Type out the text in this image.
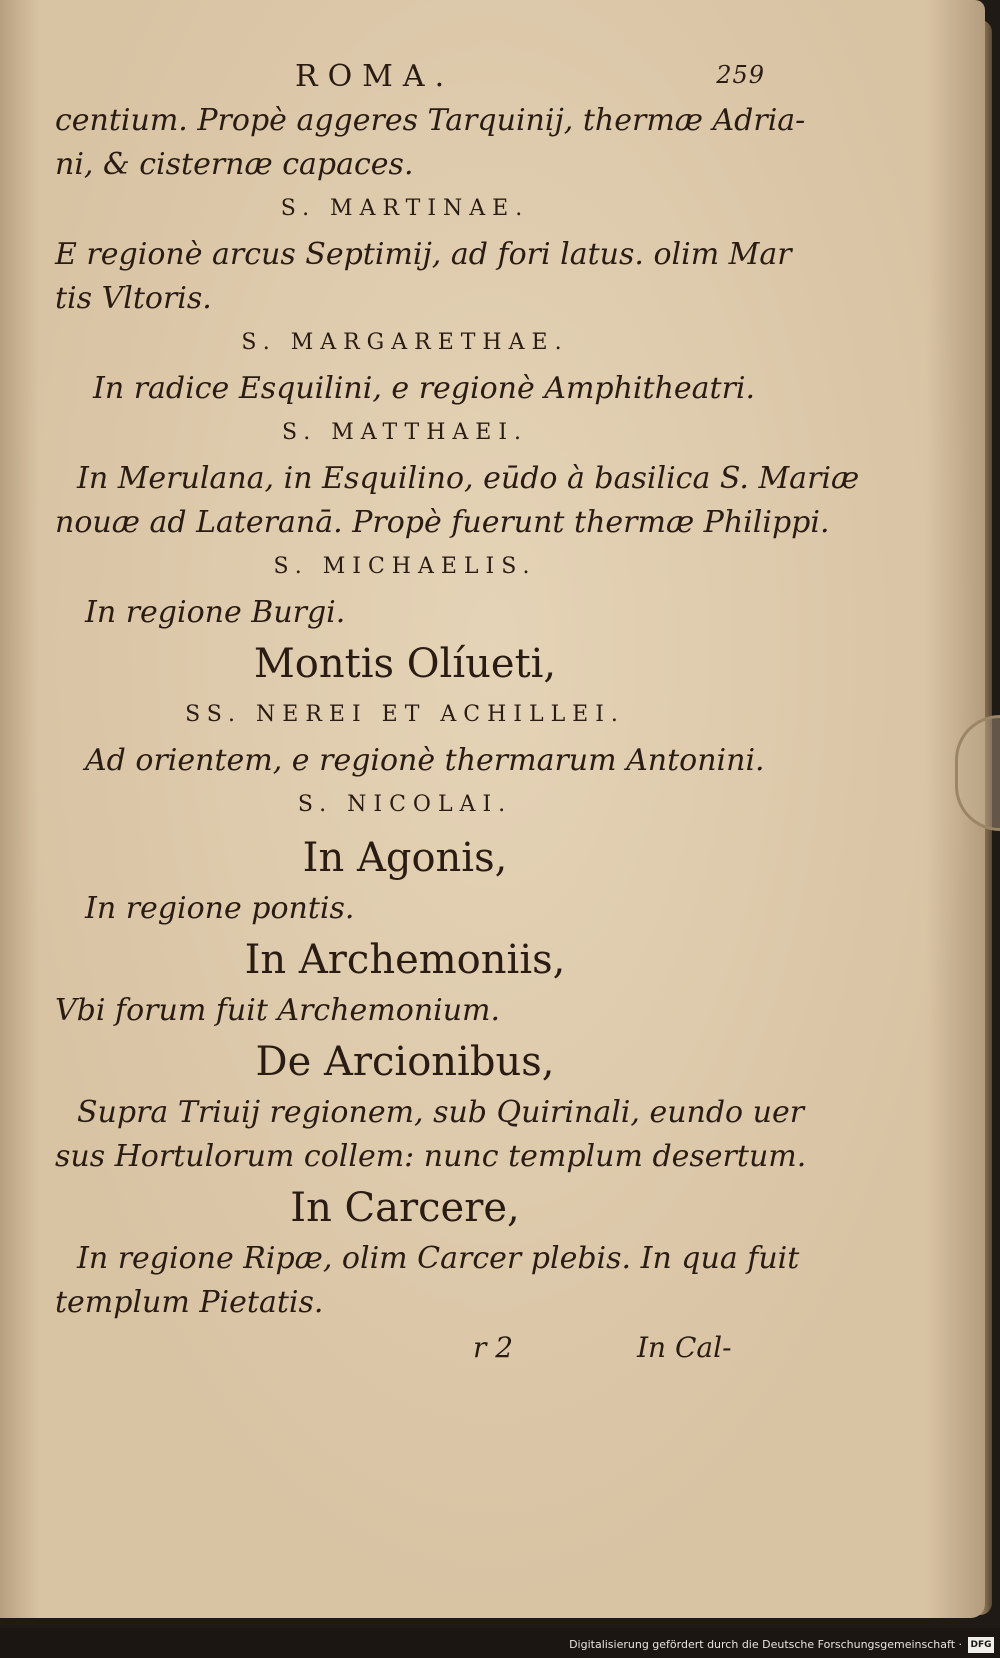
ROMA.	259
centium. Propè aggeres Tarquinij, thermæ Adria-
ni, & cisternæ capaces.
S. MARTINAE.
E regionè arcus Septimij, ad fori latus. olim Mar
tis Vltoris.
S. MARGARETHAE.
In radice Esquilini, e regionè Amphitheatri.
S. MATTHAEI.
In Merulana, in Esquilino, eūdo à basilica S. Mariæ
nouæ ad Lateranā. Propè fuerunt thermæ Philippi.
S. MICHAELIS.
In regione Burgi.
Montis Olíueti,
SS. NEREI ET ACHILLEI.
Ad orientem, e regionè thermarum Antonini.
S. NICOLAI.
In Agonis,
In regione pontis.
In Archemoniis,
Vbi forum fuit Archemonium.
De Arcionibus,
Supra Triuij regionem, sub Quirinali, eundo uer
sus Hortulorum collem: nunc templum desertum.
In Carcere,
In regione Ripæ, olim Carcer plebis. In qua fuit
templum Pietatis.
r 2	In Cal-
Digitalisierung gefördert durch die Deutsche Forschungsgemeinschaft · DFG
